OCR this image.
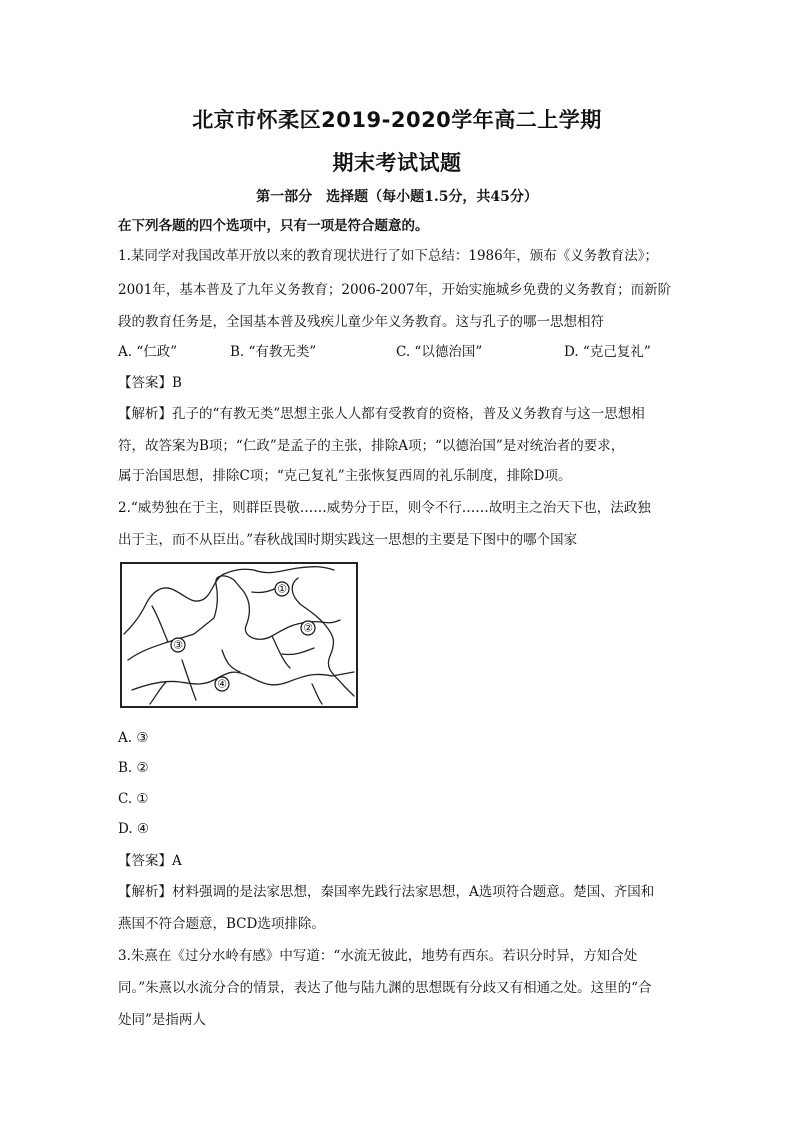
北京市怀柔区2019-2020学年高二上学期
期末考试试题
第一部分　选择题（每小题1.5分，共45分）
在下列各题的四个选项中，只有一项是符合题意的。
1.某同学对我国改革开放以来的教育现状进行了如下总结：1986年，颁布《义务教育法》；
2001年，基本普及了九年义务教育；2006-2007年，开始实施城乡免费的义务教育；而新阶
段的教育任务是，全国基本普及残疾儿童少年义务教育。这与孔子的哪一思想相符
A. “仁政”	B. “有教无类”	C. “以德治国”	D. “克己复礼”
【答案】B
【解析】孔子的“有教无类”思想主张人人都有受教育的资格，普及义务教育与这一思想相
符，故答案为B项；“仁政”是孟子的主张，排除A项；“以德治国”是对统治者的要求，
属于治国思想，排除C项；“克己复礼”主张恢复西周的礼乐制度，排除D项。
2.“威势独在于主，则群臣畏敬……威势分于臣，则令不行……故明主之治天下也，法政独
出于主，而不从臣出。”春秋战国时期实践这一思想的主要是下图中的哪个国家
①
②
③
④
A. ③
B. ②
C. ①
D. ④
【答案】A
【解析】材料强调的是法家思想，秦国率先践行法家思想，A选项符合题意。楚国、齐国和
燕国不符合题意，BCD选项排除。
3.朱熹在《过分水岭有感》中写道：“水流无彼此，地势有西东。若识分时异，方知合处
同。”朱熹以水流分合的情景，表达了他与陆九渊的思想既有分歧又有相通之处。这里的“合
处同”是指两人
